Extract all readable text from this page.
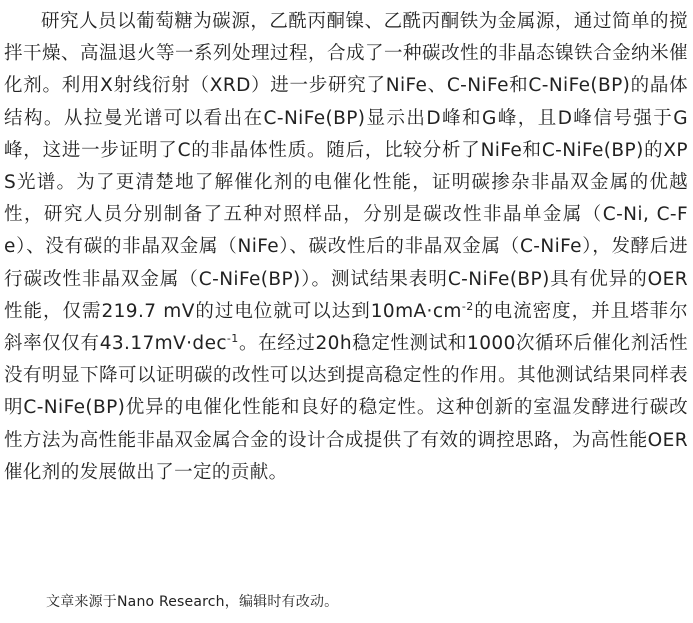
研究人员以葡萄糖为碳源，乙酰丙酮镍、乙酰丙酮铁为金属源，通过简单的搅拌干燥、高温退火等一系列处理过程，合成了一种碳改性的非晶态镍铁合金纳米催化剂。利用X射线衍射（XRD）进一步研究了NiFe、C-NiFe和C-NiFe(BP)的晶体结构。从拉曼光谱可以看出在C-NiFe(BP)显示出D峰和G峰，且D峰信号强于G峰，这进一步证明了C的非晶体性质。随后，比较分析了NiFe和C-NiFe(BP)的XPS光谱。为了更清楚地了解催化剂的电催化性能，证明碳掺杂非晶双金属的优越性，研究人员分别制备了五种对照样品，分别是碳改性非晶单金属（C-Ni, C-Fe）、没有碳的非晶双金属（NiFe）、碳改性后的非晶双金属（C-NiFe），发酵后进行碳改性非晶双金属（C-NiFe(BP)）。测试结果表明C-NiFe(BP)具有优异的OER性能，仅需219.7 mV的过电位就可以达到$10mA\cdot cm^{-2}$的电流密度，并且塔菲尔斜率仅仅有43.17mV·dec$^{-1}$。在经过20h稳定性测试和1000次循环后催化剂活性没有明显下降可以证明碳的改性可以达到提高稳定性的作用。其他测试结果同样表明C-NiFe(BP)优异的电催化性能和良好的稳定性。这种创新的室温发酵进行碳改性方法为高性能非晶双金属合金的设计合成提供了有效的调控思路，为高性能OER催化剂的发展做出了一定的贡献。

文章来源于Nano Research，编辑时有改动。
